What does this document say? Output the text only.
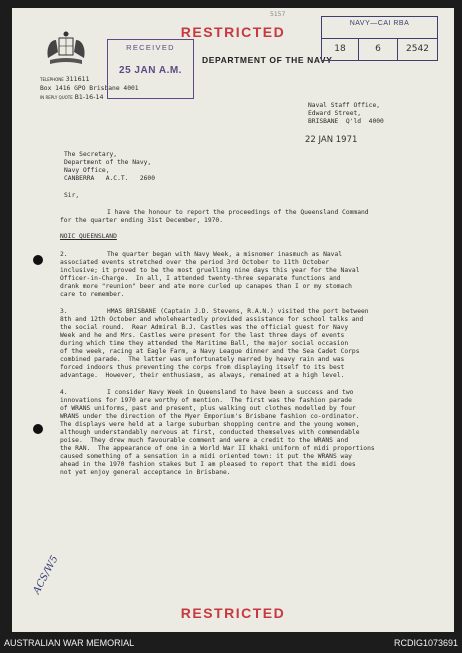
RESTRICTED
5157
TELEPHONE 311611
Box 1416 GPO Brisbane 4001
IN REPLY QUOTE B1-16-14
RECEIVED
25 JAN A.M.
DEPARTMENT OF THE NAVY
NAVY—CAI RBA
18	6	2542
Naval Staff Office,
Edward Street,
BRISBANE  Q'ld  4000
22 JAN 1971
The Secretary,
Department of the Navy,
Navy Office,
CANBERRA   A.C.T.   2600
Sir,
I have the honour to report the proceedings of the Queensland Command
for the quarter ending 31st December, 1970.
NOIC QUEENSLAND
2.	The quarter began with Navy Week, a misnomer inasmuch as Naval
associated events stretched over the period 3rd October to 11th October
inclusive; it proved to be the most gruelling nine days this year for the Naval
Officer-in-Charge.  In all, I attended twenty-three separate functions and
drank more "reunion" beer and ate more curled up canapes than I or my stomach
care to remember.
3.	HMAS BRISBANE (Captain J.D. Stevens, R.A.N.) visited the port between
8th and 12th October and wholeheartedly provided assistance for school talks and
the social round.  Rear Admiral B.J. Castles was the official guest for Navy
Week and he and Mrs. Castles were present for the last three days of events
during which time they attended the Maritime Ball, the major social occasion
of the week, racing at Eagle Farm, a Navy League dinner and the Sea Cadet Corps
combined parade.  The latter was unfortunately marred by heavy rain and was
forced indoors thus preventing the corps from displaying itself to its best
advantage.  However, their enthusiasm, as always, remained at a high level.
4.	I consider Navy Week in Queensland to have been a success and two
innovations for 1970 are worthy of mention.  The first was the fashion parade
of WRANS uniforms, past and present, plus walking out clothes modelled by four
WRANS under the direction of the Myer Emporium's Brisbane fashion co-ordinator.
The displays were held at a large suburban shopping centre and the young women,
although understandably nervous at first, conducted themselves with commendable
poise.  They drew much favourable comment and were a credit to the WRANS and
the RAN.  The appearance of one in a World War II khaki uniform of midi proportions
caused something of a sensation in a midi oriented town: it put the WRANS way
ahead in the 1970 fashion stakes but I am pleased to report that the midi does
not yet enjoy general acceptance in Brisbane.
ACS/W5
RESTRICTED
AUSTRALIAN WAR MEMORIAL	RCDIG1073691
